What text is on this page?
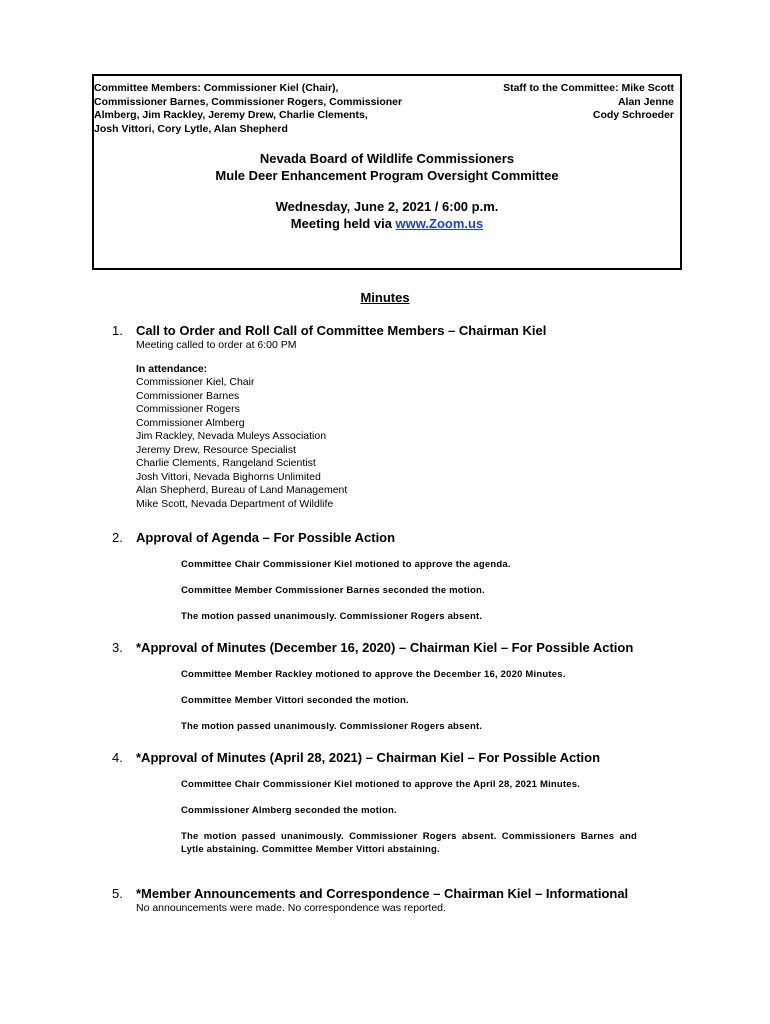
Committee Members: Commissioner Kiel (Chair),
Commissioner Barnes, Commissioner Rogers, Commissioner
Almberg, Jim Rackley, Jeremy Drew, Charlie Clements,
Josh Vittori, Cory Lytle, Alan Shepherd
Staff to the Committee: Mike Scott
Alan Jenne
Cody Schroeder
Nevada Board of Wildlife Commissioners
Mule Deer Enhancement Program Oversight Committee
Wednesday, June 2, 2021 / 6:00 p.m.
Meeting held via www.Zoom.us
Minutes
1. Call to Order and Roll Call of Committee Members – Chairman Kiel
Meeting called to order at 6:00 PM
In attendance:
Commissioner Kiel, Chair
Commissioner Barnes
Commissioner Rogers
Commissioner Almberg
Jim Rackley, Nevada Muleys Association
Jeremy Drew, Resource Specialist
Charlie Clements, Rangeland Scientist
Josh Vittori, Nevada Bighorns Unlimited
Alan Shepherd, Bureau of Land Management
Mike Scott, Nevada Department of Wildlife
2. Approval of Agenda – For Possible Action
Committee Chair Commissioner Kiel motioned to approve the agenda.
Committee Member Commissioner Barnes seconded the motion.
The motion passed unanimously. Commissioner Rogers absent.
3. *Approval of Minutes (December 16, 2020) – Chairman Kiel – For Possible Action
Committee Member Rackley motioned to approve the December 16, 2020 Minutes.
Committee Member Vittori seconded the motion.
The motion passed unanimously. Commissioner Rogers absent.
4. *Approval of Minutes (April 28, 2021) – Chairman Kiel – For Possible Action
Committee Chair Commissioner Kiel motioned to approve the April 28, 2021 Minutes.
Commissioner Almberg seconded the motion.
The motion passed unanimously. Commissioner Rogers absent. Commissioners Barnes and Lytle abstaining. Committee Member Vittori abstaining.
5. *Member Announcements and Correspondence – Chairman Kiel – Informational
No announcements were made. No correspondence was reported.
